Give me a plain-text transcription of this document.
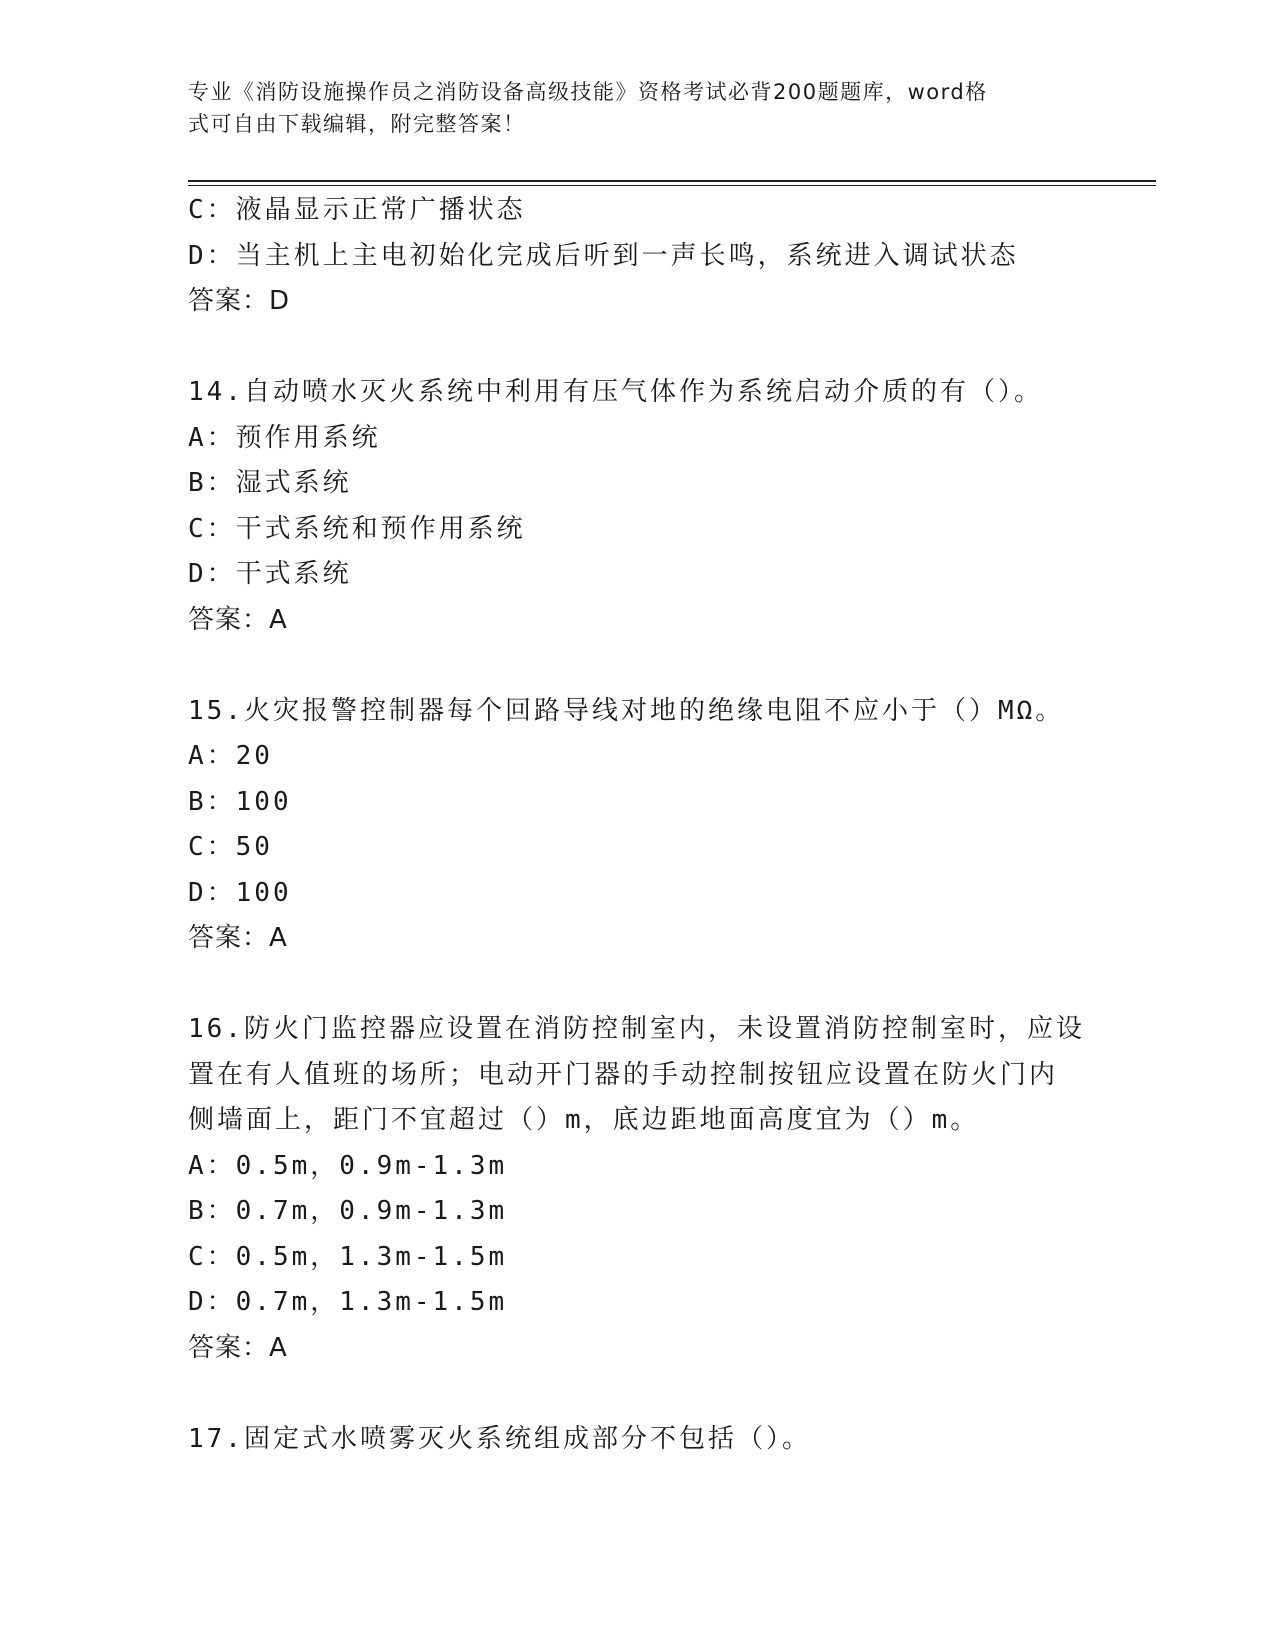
专业《消防设施操作员之消防设备高级技能》资格考试必背200题题库，word格
式可自由下载编辑，附完整答案！
C：液晶显示正常广播状态
D：当主机上主电初始化完成后听到一声长鸣，系统进入调试状态
答案：D
14.自动喷水灭火系统中利用有压气体作为系统启动介质的有（）。
A：预作用系统
B：湿式系统
C：干式系统和预作用系统
D：干式系统
答案：A
15.火灾报警控制器每个回路导线对地的绝缘电阻不应小于（）MΩ。
A：20
B：100
C：50
D：100
答案：A
16.防火门监控器应设置在消防控制室内，未设置消防控制室时，应设
置在有人值班的场所；电动开门器的手动控制按钮应设置在防火门内
侧墙面上，距门不宜超过（）m，底边距地面高度宜为（）m。
A：0.5m，0.9m-1.3m
B：0.7m，0.9m-1.3m
C：0.5m，1.3m-1.5m
D：0.7m，1.3m-1.5m
答案：A
17.固定式水喷雾灭火系统组成部分不包括（）。
